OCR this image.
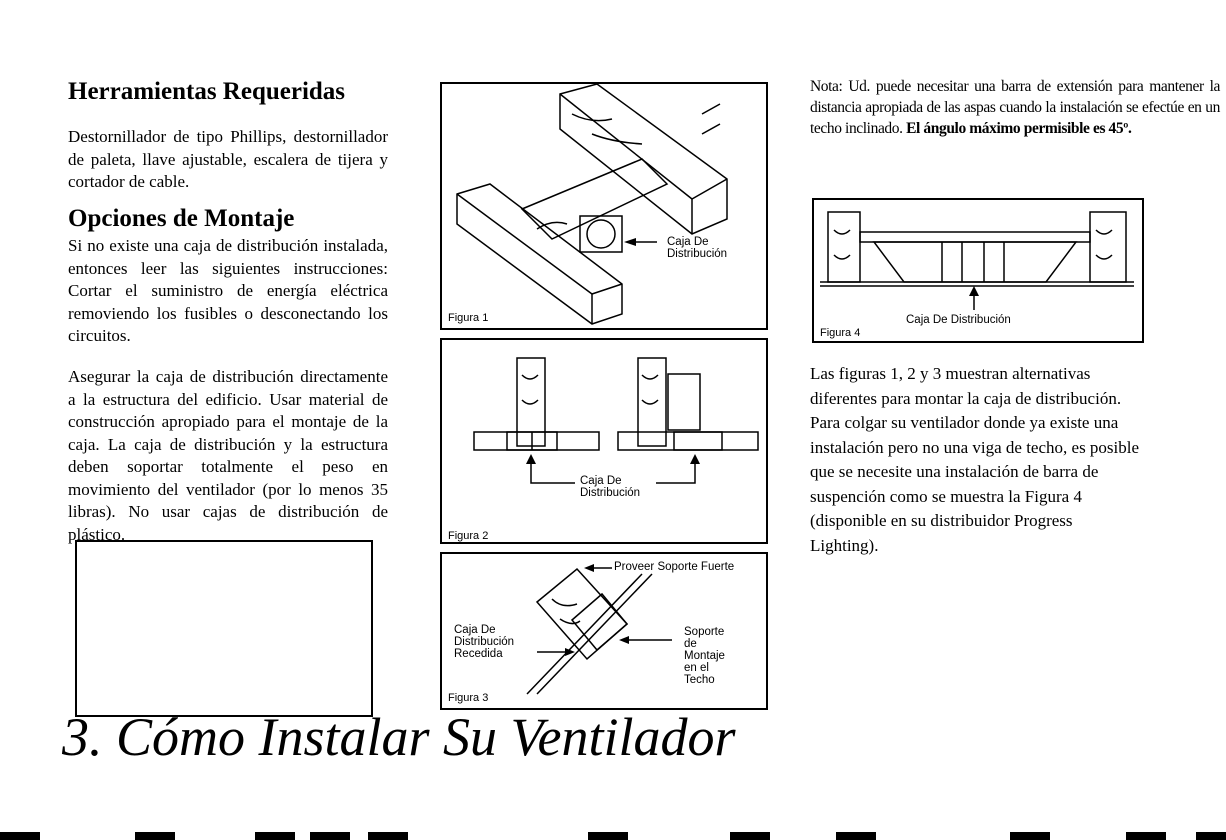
Herramientas Requeridas

Destornillador de tipo Phillips, destornillador de paleta, llave ajustable, escalera de tijera y cortador de cable.

Opciones de Montaje

Si no existe una caja de distribución instalada, entonces leer las siguientes instrucciones: Cortar el suministro de energía eléctrica removiendo los fusibles o desconectando los circuitos.

Asegurar la caja de distribución directamente a la estructura del edificio. Usar material de construcción apropiado para el montaje de la caja. La caja de distribución y la estructura deben soportar totalmente el peso en movimiento del ventilador (por lo menos 35 libras). No usar cajas de distribución de plástico.

Caja De
Distribución
Figura 1
Caja De
Distribución
Figura 2
Proveer Soporte Fuerte
Caja De
Distribución
Recedida
Soporte
de
Montaje
en el
Techo
Figura 3
Nota: Ud. puede necesitar una barra de extensión para mantener la distancia apropiada de las aspas cuando la instalación se efectúe en un techo inclinado. El ángulo máximo permisible es 45º.
Caja De Distribución
Figura 4
Las figuras 1, 2 y 3 muestran alternativas diferentes para montar la caja de distribución. Para colgar su ventilador donde ya existe una instalación pero no una viga de techo, es posible que se necesite una instalación de barra de suspención como se muestra la Figura 4 (disponible en su distribuidor Progress Lighting).
3. Cómo Instalar Su Ventilador
